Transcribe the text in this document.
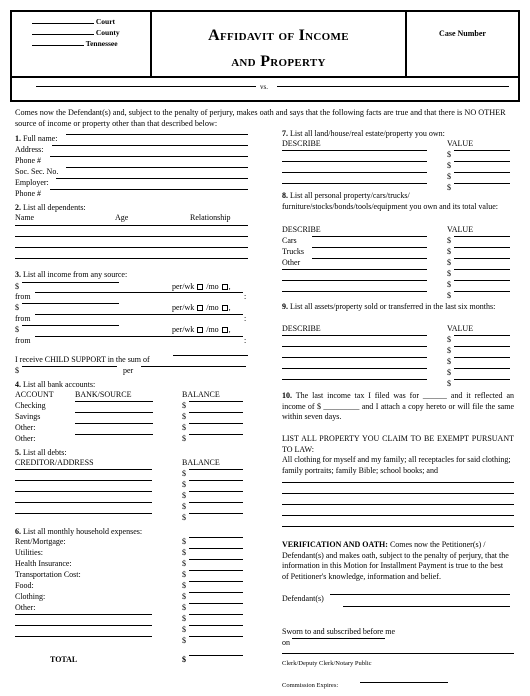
Court
County
Tennessee	Affidavit of Income
and Property
Case Number
vs.
Comes now the Defendant(s) and, subject to the penalty of perjury, makes oath and says that the following facts are true and that there is NO OTHER source of income or property other than that described below:
1. Full name:
Address:
Phone #
Soc. Sec. No.
Employer:
Phone #
2. List all dependents:
Name	Age	Relationship
3. List all income from any source:
$	per/wk /mo ,
from	:
$	per/wk /mo ,
from	:
$	per/wk /mo ,
from	:
I receive CHILD SUPPORT in the sum of
$	per
4. List all bank accounts:
ACCOUNT	BANK/SOURCE	BALANCE
Checking	$
Savings	$
Other:	$
Other:	$
5. List all debts:
CREDITOR/ADDRESS	BALANCE
$
$
$
$
$
6. List all monthly household expenses:
Rent/Mortgage:	$
Utilities:	$
Health Insurance:	$
Transportation Cost:	$
Food:	$
Clothing:	$
Other:	$
$
$
$
TOTAL	$
7. List all land/house/real estate/property you own:
DESCRIBE	VALUE
$
$
$
$
8. List all personal property/cars/trucks/ furniture/stocks/bonds/tools/equipment you own and its total value:
DESCRIBE	VALUE
Cars	$
Trucks	$
Other	$
$
$
$
9. List all assets/property sold or transferred in the last six months:
DESCRIBE	VALUE
$
$
$
$
$
10. The last income tax I filed was for ______ and it reflected an income of $ _________ and I attach a copy hereto or will file the same within seven days.
LIST ALL PROPERTY YOU CLAIM TO BE EXEMPT PURSUANT TO LAW:
All clothing for myself and my family; all receptacles for said clothing; family portraits; family Bible; school books; and
VERIFICATION AND OATH: Comes now the Petitioner(s) / Defendant(s) and makes oath, subject to the penalty of perjury, that the information in this Motion for Installment Payment is true to the best of Petitioner's knowledge, information and belief.
Defendant(s)
Sworn to and subscribed before me
on
Clerk/Deputy Clerk/Notary Public
Commission Expires:
